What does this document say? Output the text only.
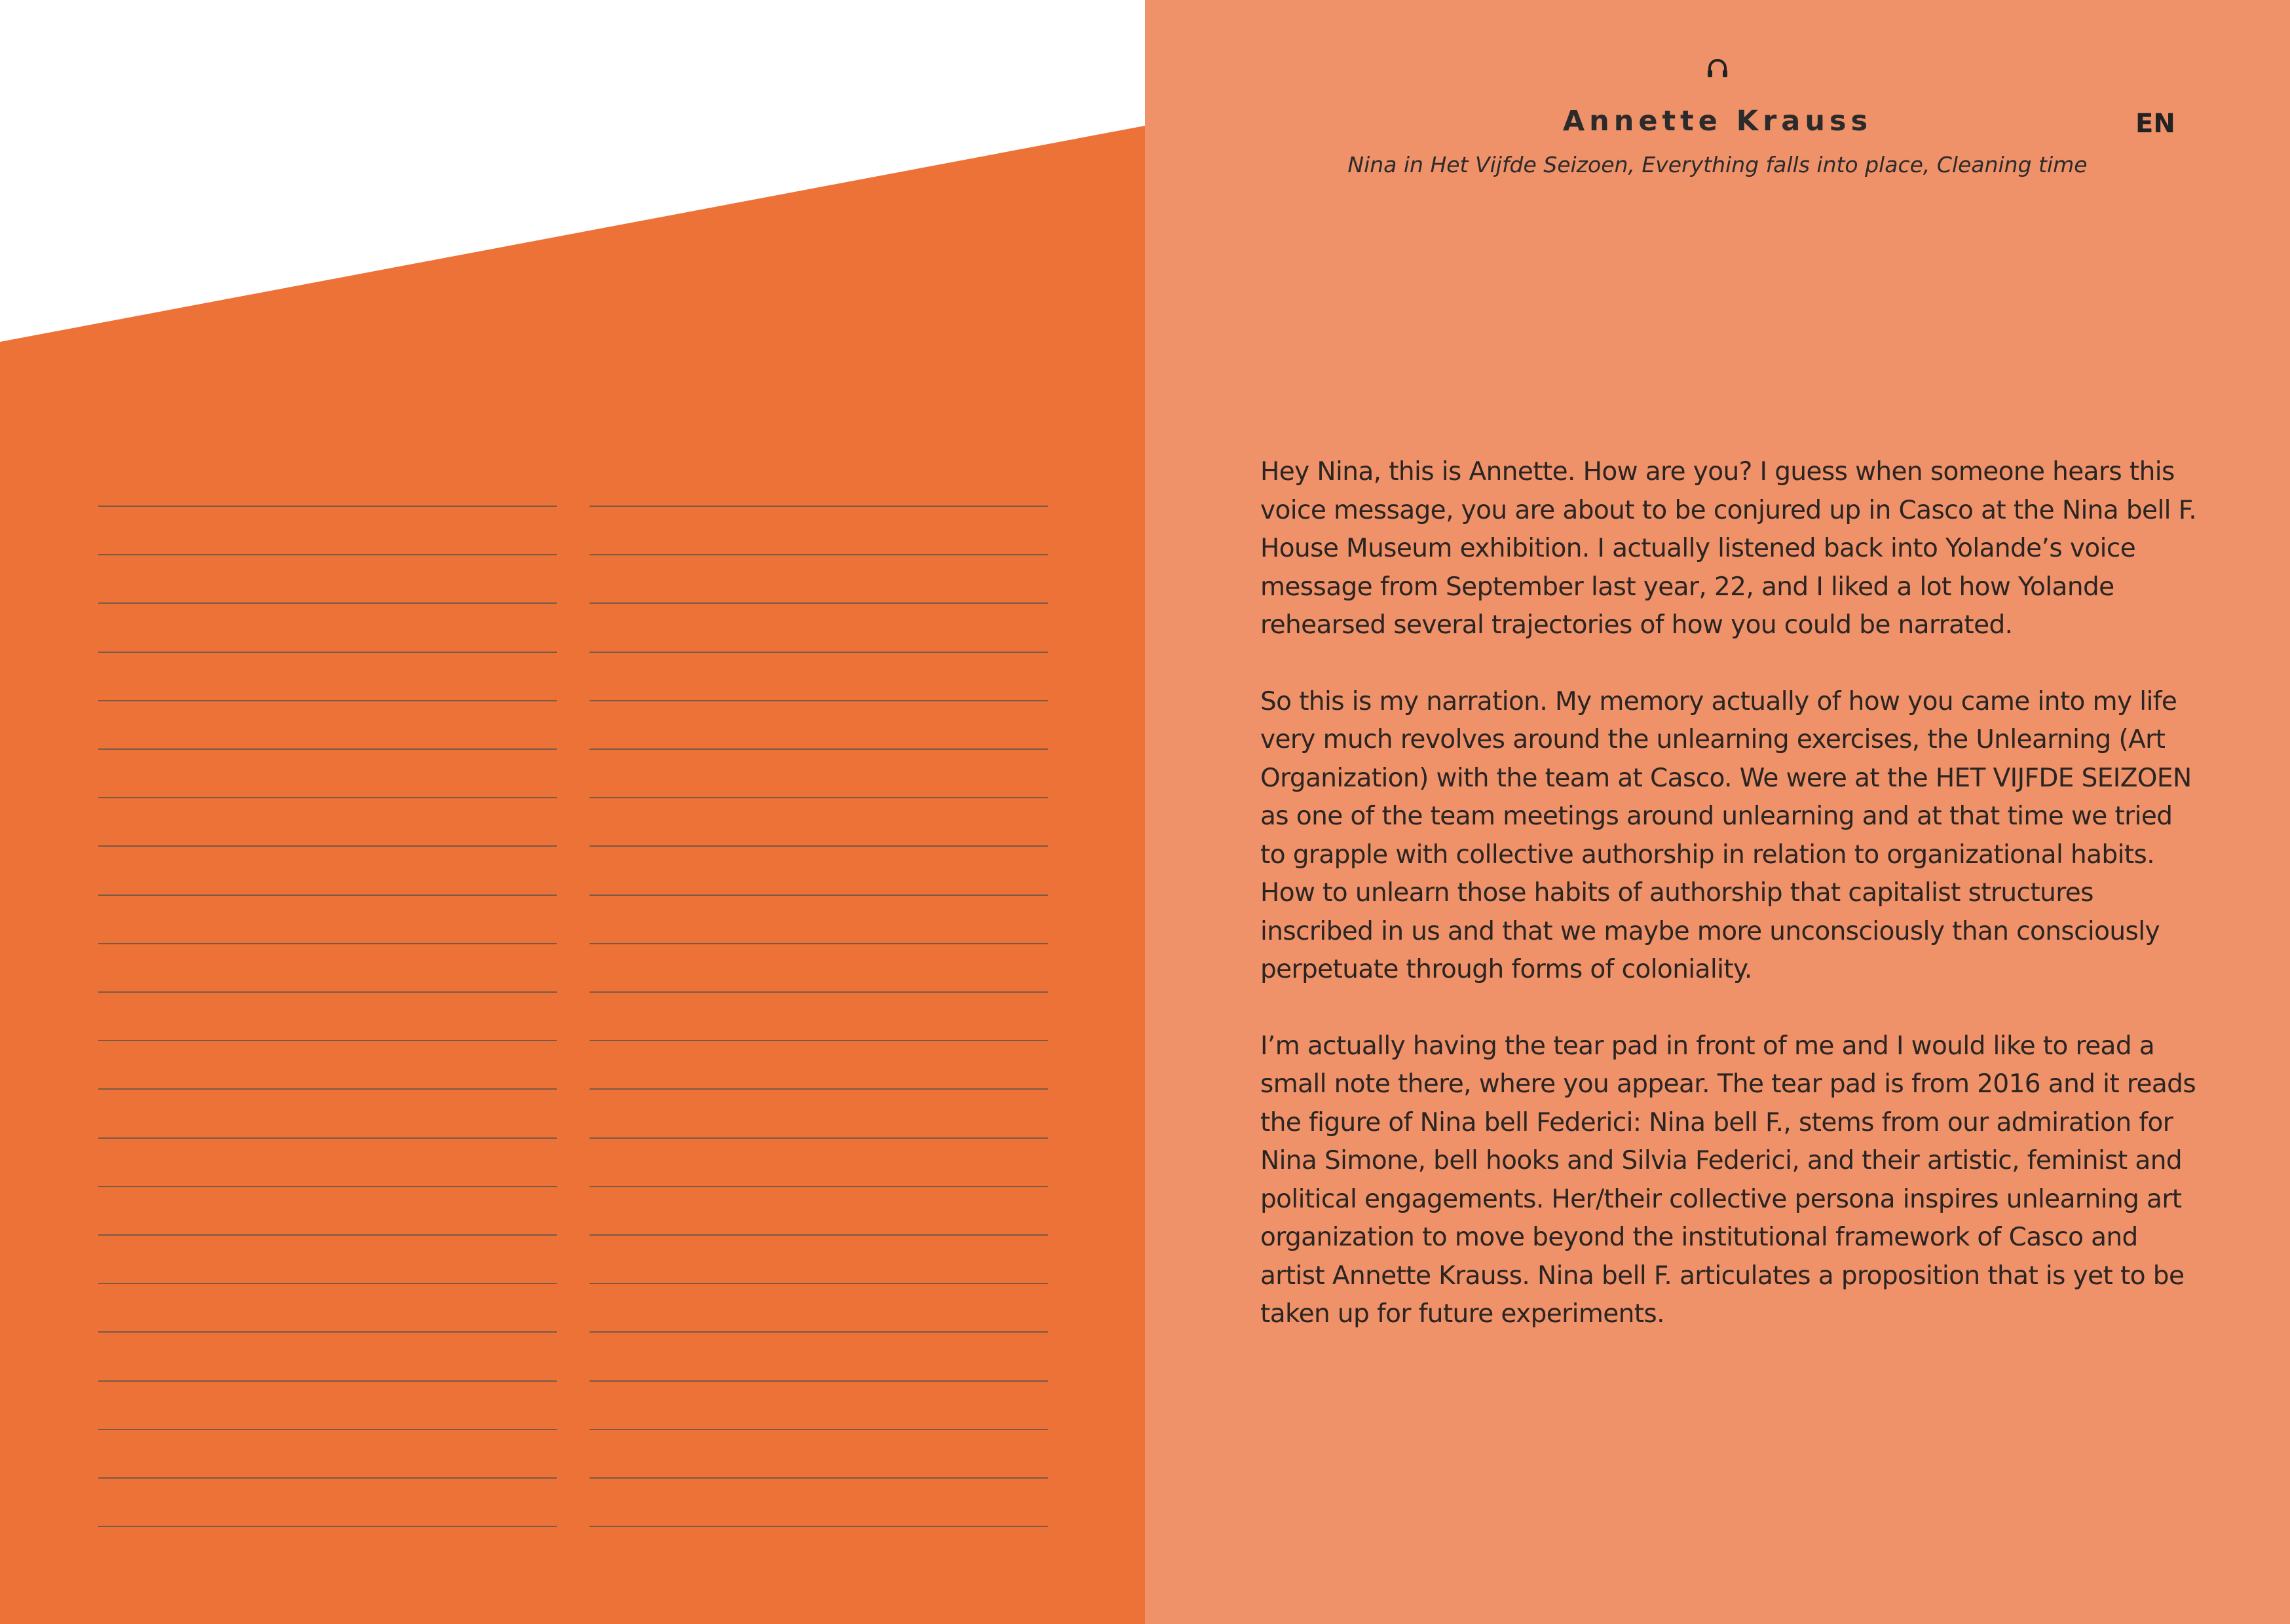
Annette Krauss	EN
Nina in Het Vijfde Seizoen, Everything falls into place, Cleaning time

Hey Nina, this is Annette. How are you? I guess when someone hears this voice message, you are about to be conjured up in Casco at the Nina bell F. House Museum exhibition. I actually listened back into Yolande’s voice message from September last year, 22, and I liked a lot how Yolande rehearsed several trajectories of how you could be narrated.

So this is my narration. My memory actually of how you came into my life very much revolves around the unlearning exercises, the Unlearning (Art Organization) with the team at Casco. We were at the HET VIJFDE SEIZOEN as one of the team meetings around unlearning and at that time we tried to grapple with collective authorship in relation to organizational habits. How to unlearn those habits of authorship that capitalist structures inscribed in us and that we maybe more unconsciously than consciously perpetuate through forms of coloniality.

I’m actually having the tear pad in front of me and I would like to read a small note there, where you appear. The tear pad is from 2016 and it reads the figure of Nina bell Federici: Nina bell F., stems from our admiration for Nina Simone, bell hooks and Silvia Federici, and their artistic, feminist and political engagements. Her/their collective persona inspires unlearning art organization to move beyond the institutional framework of Casco and artist Annette Krauss. Nina bell F. articulates a proposition that is yet to be taken up for future experiments.
